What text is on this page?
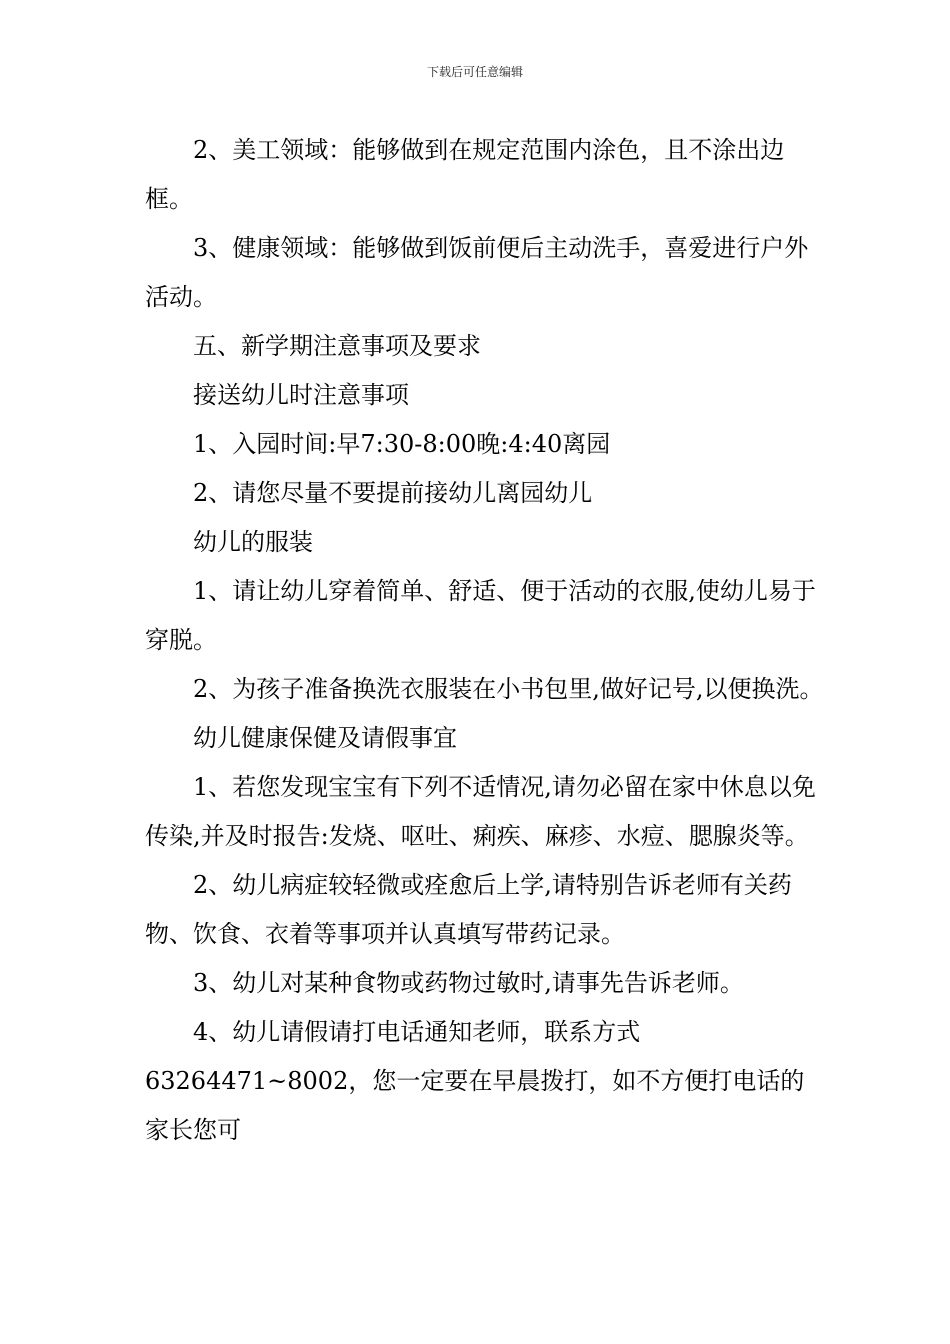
下载后可任意编辑

2、美工领域：能够做到在规定范围内涂色，且不涂出边框。

3、健康领域：能够做到饭前便后主动洗手，喜爱进行户外活动。

五、新学期注意事项及要求

接送幼儿时注意事项

1、入园时间:早7:30-8:00晚:4:40离园

2、请您尽量不要提前接幼儿离园幼儿

幼儿的服装

1、请让幼儿穿着简单、舒适、便于活动的衣服,使幼儿易于穿脱。

2、为孩子准备换洗衣服装在小书包里,做好记号,以便换洗。

幼儿健康保健及请假事宜

1、若您发现宝宝有下列不适情况,请勿必留在家中休息以免传染,并及时报告:发烧、呕吐、痢疾、麻疹、水痘、腮腺炎等。

2、幼儿病症较轻微或痊愈后上学,请特别告诉老师有关药物、饮食、衣着等事项并认真填写带药记录。

3、幼儿对某种食物或药物过敏时,请事先告诉老师。

4、幼儿请假请打电话通知老师，联系方式63264471~8002，您一定要在早晨拨打，如不方便打电话的家长您可
